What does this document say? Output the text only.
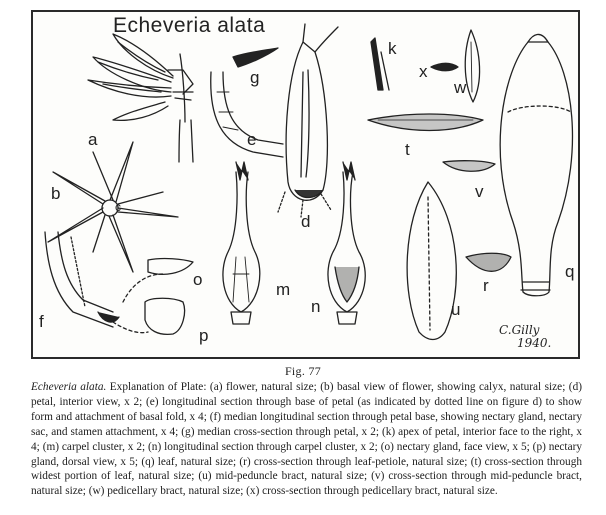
Echeveria alata
a
b
c
d
e
f
g
k
m
n
o
p
q
r
t
u
v
w
x
C.Gilly
1940.
Fig. 77
Echeveria alata. Explanation of Plate: (a) flower, natural size; (b) basal view of flower, showing calyx, natural size; (d) petal, interior view, x 2; (e) longitudinal section through base of petal (as indicated by dotted line on figure d) to show form and attachment of basal fold, x 4; (f) median longitudinal section through petal base, showing nectary gland, nectary sac, and stamen attachment, x 4; (g) median cross-section through petal, x 2; (k) apex of petal, interior face to the right, x 4; (m) carpel cluster, x 2; (n) longitudinal section through carpel cluster, x 2; (o) nectary gland, face view, x 5; (p) nectary gland, dorsal view, x 5; (q) leaf, natural size; (r) cross-section through leaf-petiole, natural size; (t) cross-section through widest portion of leaf, natural size; (u) mid-peduncle bract, natural size; (v) cross-section through mid-peduncle bract, natural size; (w) pedicellary bract, natural size; (x) cross-section through pedicellary bract, natural size.
